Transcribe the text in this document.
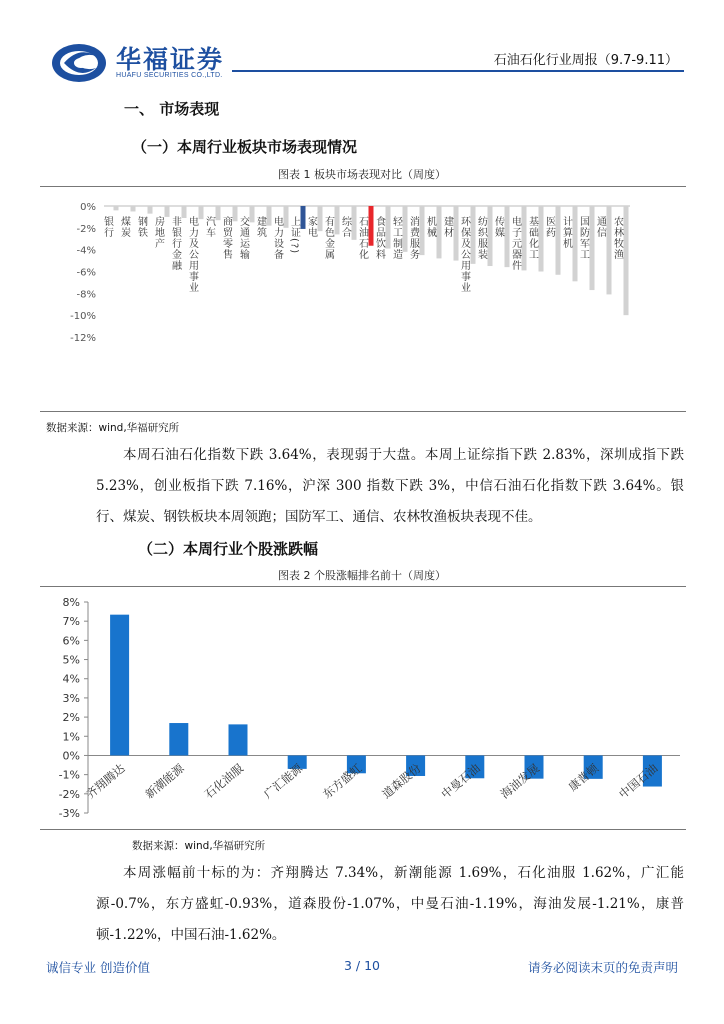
华福证券
HUAFU SECURITIES CO.,LTD.
石油石化行业周报（9.7-9.11）
一、 市场表现
（一）本周行业板块市场表现情况
图表 1 板块市场表现对比（周度）
0%
-2%
-4%
-6%
-8%
-10%
-12%
银行 煤炭 钢铁 房地产 非银行金融 电力及公用事业 汽车 商贸零售 交通运输 建筑 电力设备 上证(?) 家电 有色金属 综合 石油石化 食品饮料 轻工制造 消费服务 机械 建材 环保及公用事业 纺织服装 传媒 电子元器件 基础化工 医药 计算机 国防军工 通信 农林牧渔
数据来源：wind,华福研究所

本周石油石化指数下跌 3.64%，表现弱于大盘。本周上证综指下跌 2.83%，深圳成指下跌 5.23%，创业板指下跌 7.16%，沪深 300 指数下跌 3%，中信石油石化指数下跌 3.64%。银行、煤炭、钢铁板块本周领跑；国防军工、通信、农林牧渔板块表现不佳。

（二）本周行业个股涨跌幅
图表 2 个股涨幅排名前十（周度）
8%
7%
6%
5%
4%
3%
2%
1%
0%
-1%
-2%
-3%
齐翔腾达 新潮能源 石化油服 广汇能源 东方盛虹 道森股份 中曼石油 海油发展 康普顿 中国石油
数据来源：wind,华福研究所

本周涨幅前十标的为：齐翔腾达 7.34%，新潮能源 1.69%，石化油服 1.62%，广汇能源-0.7%，东方盛虹-0.93%，道森股份-1.07%，中曼石油-1.19%，海油发展-1.21%，康普顿-1.22%，中国石油-1.62%。

诚信专业 创造价值	3 / 10	请务必阅读末页的免责声明
